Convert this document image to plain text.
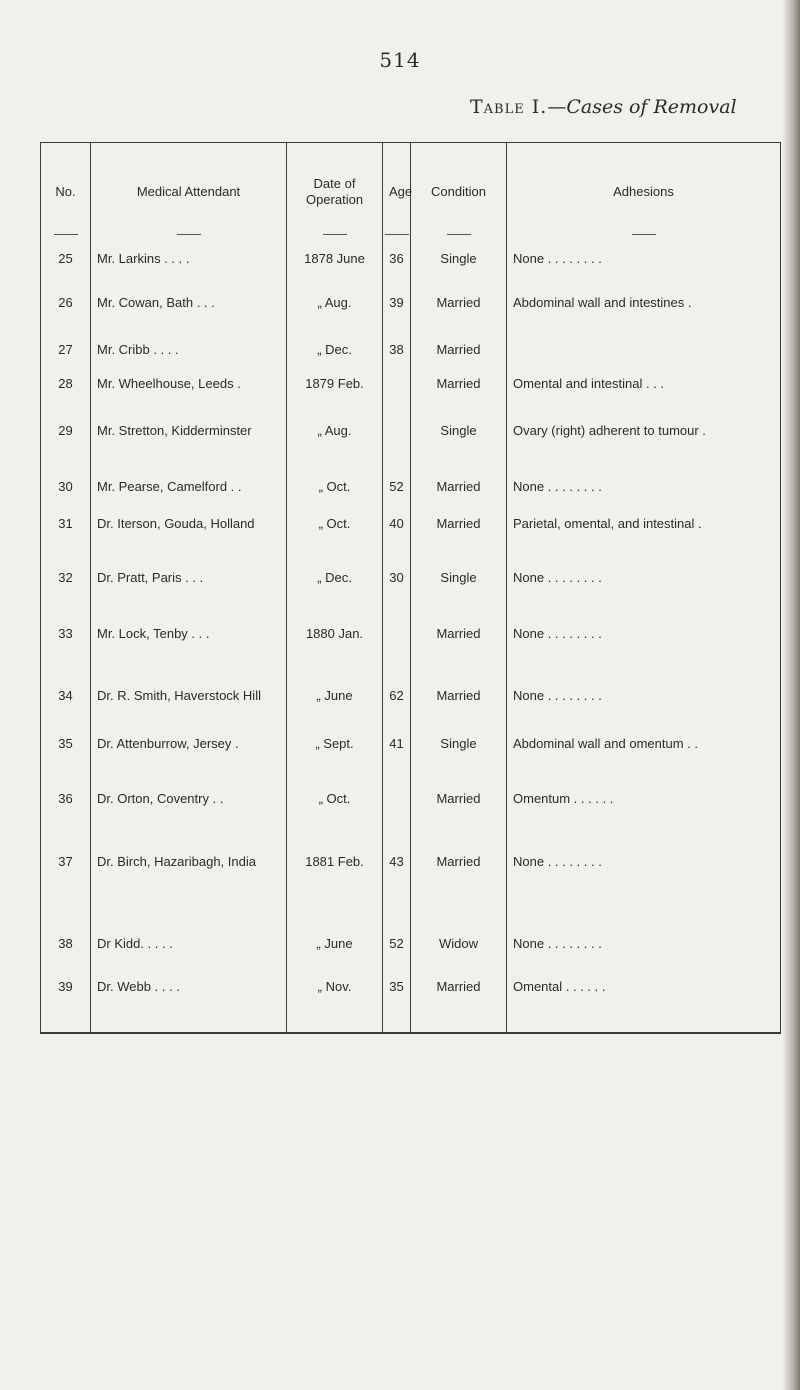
514
Table I.—Cases of Removal
No.	Medical Attendant	Date of Operation	Age	Condition	Adhesions

25	Mr. Larkins . . . .	1878 June	36	Single	None . . . . . . . .
26	Mr. Cowan, Bath . . .	„ Aug.	39	Married	Abdominal wall and intestines .
27	Mr. Cribb . . . .	„ Dec.	38	Married	
28	Mr. Wheelhouse, Leeds .	1879 Feb.		Married	Omental and intestinal . . .
29	Mr. Stretton, Kidderminster	„ Aug.		Single	Ovary (right) adherent to tumour .
30	Mr. Pearse, Camelford . .	„ Oct.	52	Married	None . . . . . . . .
31	Dr. Iterson, Gouda, Holland	„ Oct.	40	Married	Parietal, omental, and intestinal .
32	Dr. Pratt, Paris . . .	„ Dec.	30	Single	None . . . . . . . .
33	Mr. Lock, Tenby . . .	1880 Jan.		Married	None . . . . . . . .
34	Dr. R. Smith, Haverstock Hill	„ June	62	Married	None . . . . . . . .
35	Dr. Attenburrow, Jersey .	„ Sept.	41	Single	Abdominal wall and omentum . .
36	Dr. Orton, Coventry . .	„ Oct.		Married	Omentum . . . . . .
37	Dr. Birch, Hazaribagh, India	1881 Feb.	43	Married	None . . . . . . . .
38	Dr Kidd. . . . .	„ June	52	Widow	None . . . . . . . .
39	Dr. Webb . . . .	„ Nov.	35	Married	Omental . . . . . .
